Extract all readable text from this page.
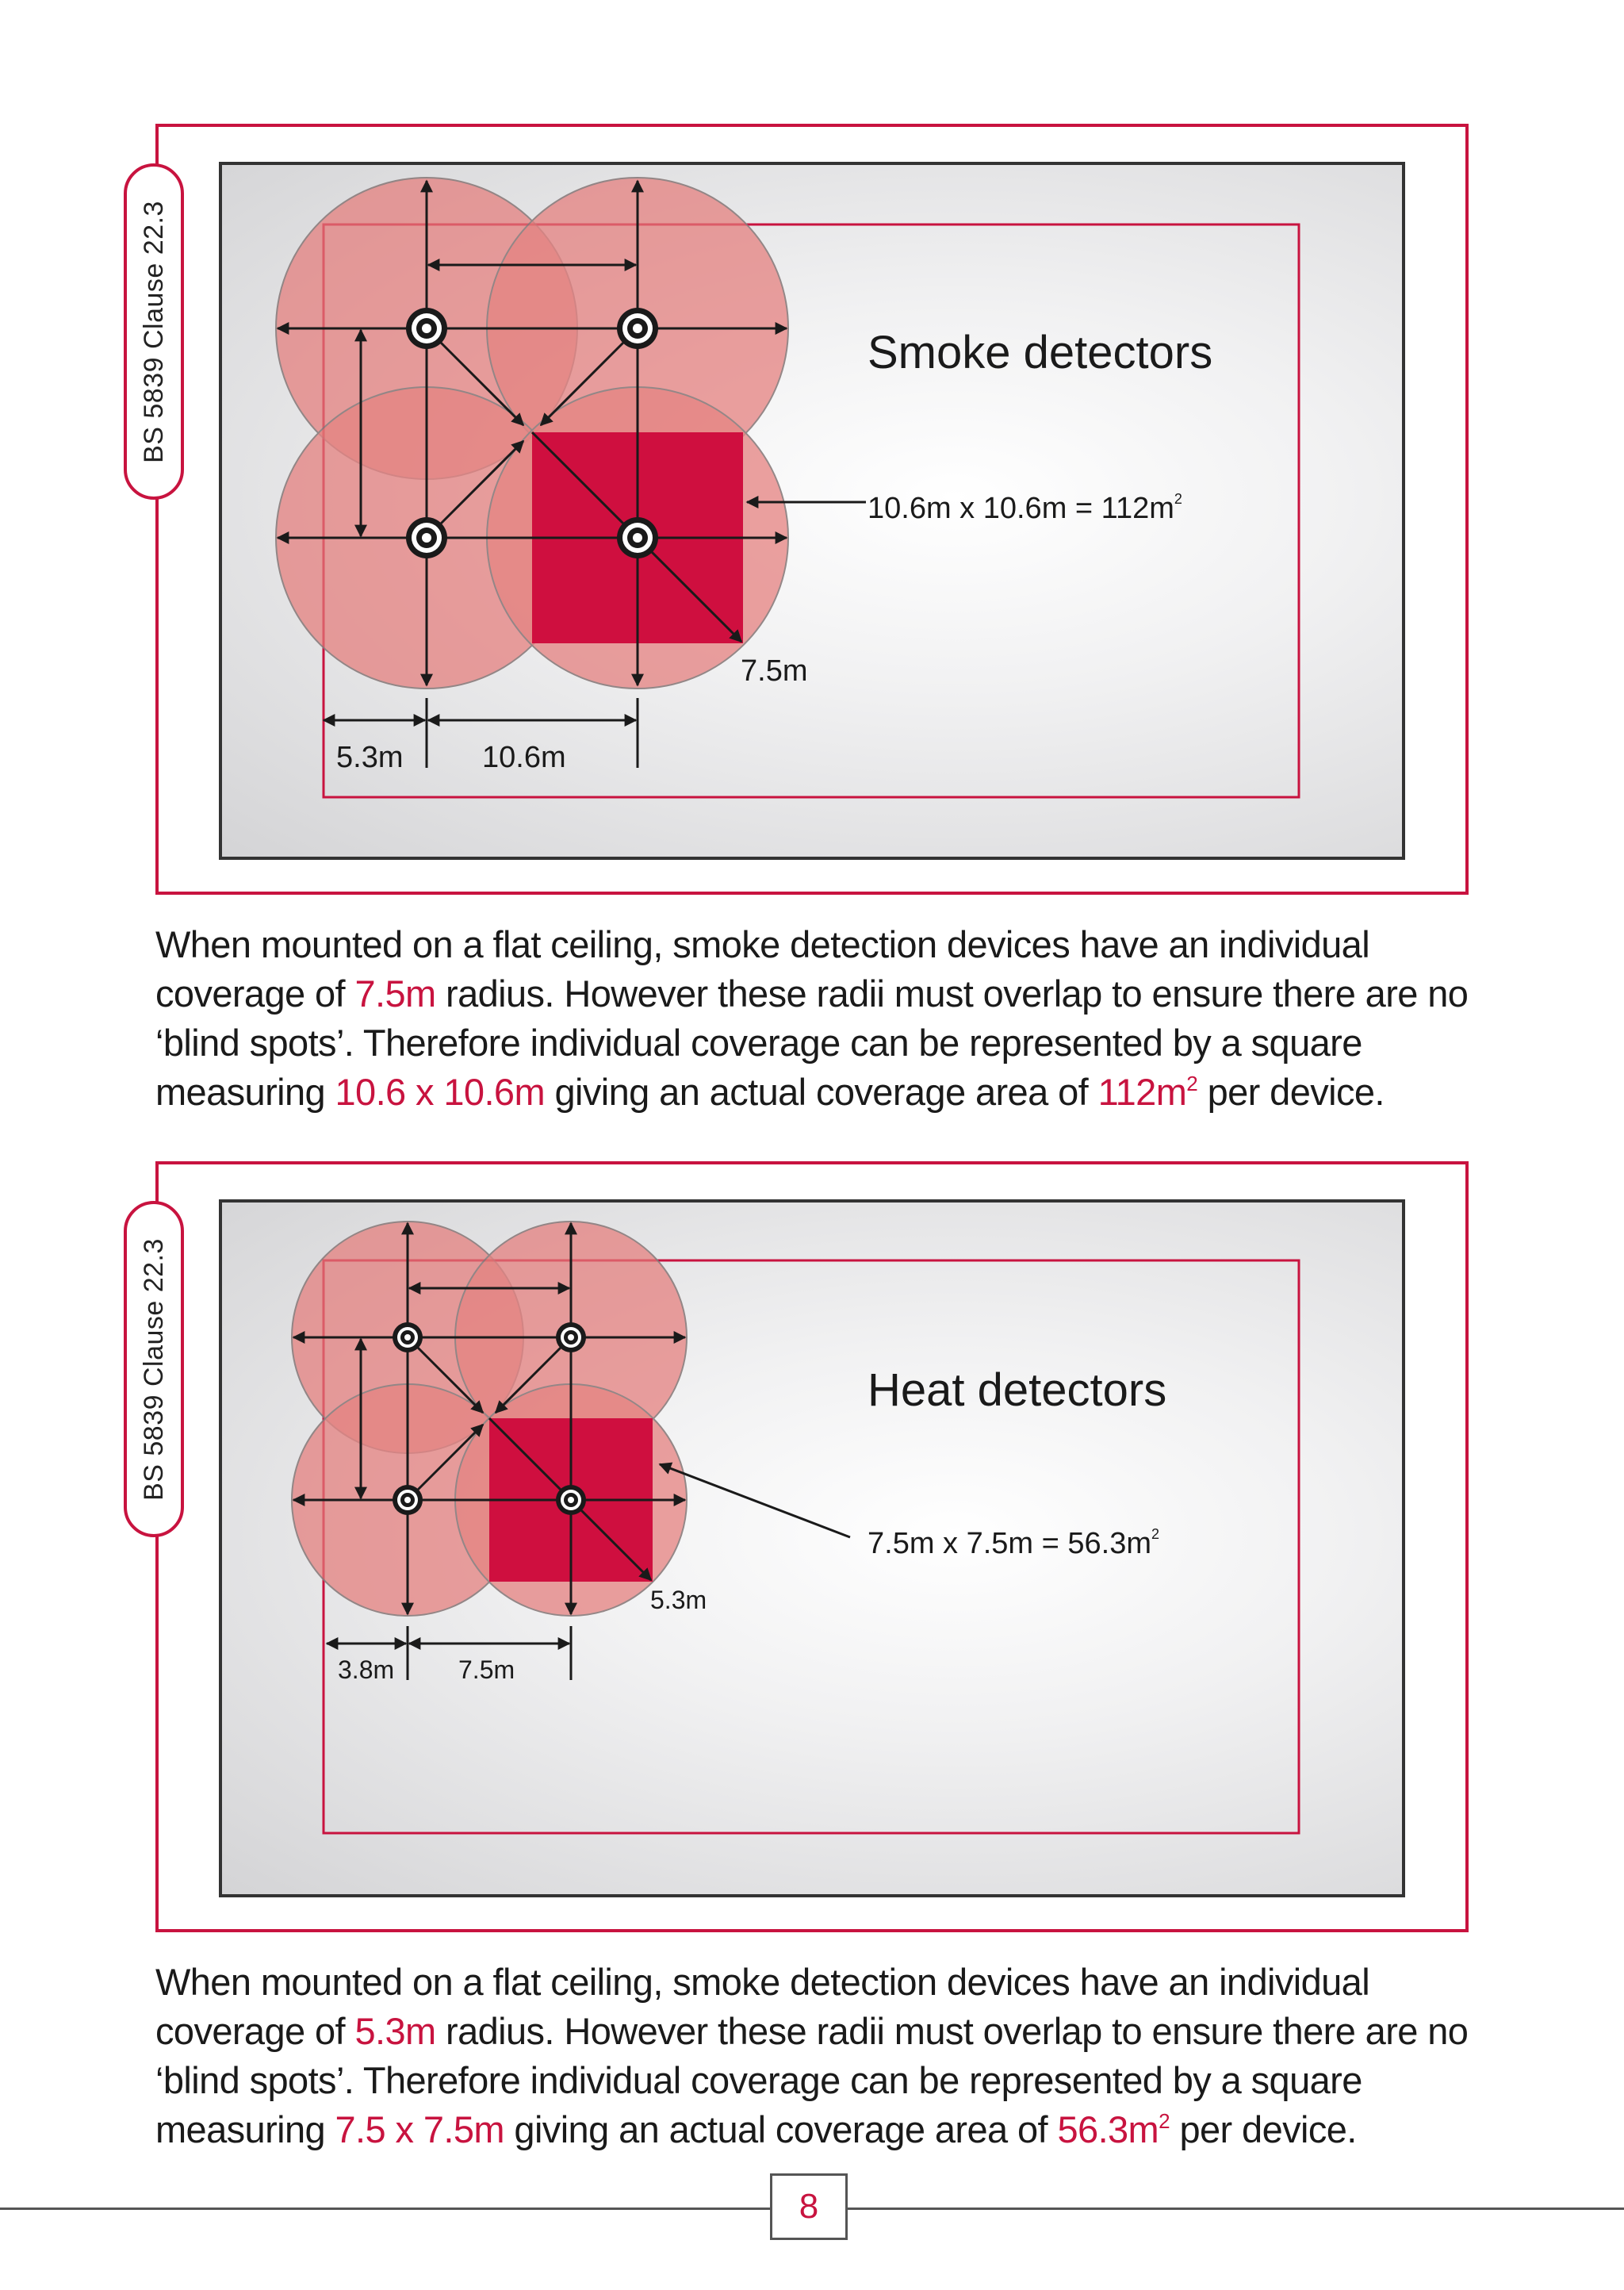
BS 5839 Clause 22.3	Smoke detectors
10.6m x $10.6m = 112m^2$
7.5m
5.3m	10.6m
Heat detectors
7.5m x $7.5m = 56.3m^2$
5.3m
3.8m	7.5m

When mounted on a flat ceiling, smoke detection devices have an individual coverage of 7.5m radius. However these radii must overlap to ensure there are no ‘blind spots’. Therefore individual coverage can be represented by a square measuring 10.6 x 10.6m giving an actual coverage area of $112m^2$ per device.

BS 5839 Clause 22.3

When mounted on a flat ceiling, smoke detection devices have an individual coverage of 5.3m radius. However these radii must overlap to ensure there are no ‘blind spots’. Therefore individual coverage can be represented by a square measuring 7.5 x 7.5m giving an actual coverage area of $56.3m^2$ per device.

8
